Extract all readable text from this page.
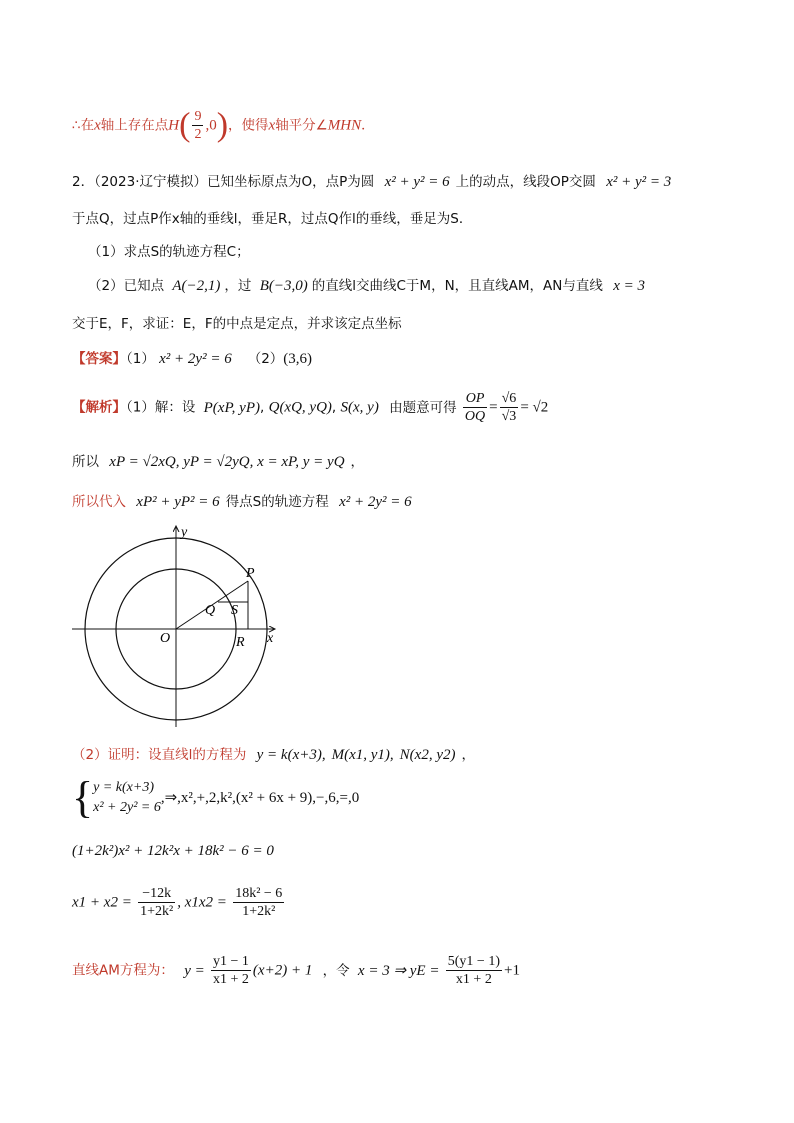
∴在x轴上存在点$H( \frac{9}{2} ,0)$，使得x轴平分∠MHN．
2．（2023·辽宁模拟）已知坐标原点为O，点P为圆 x² + y² = 6 上的动点，线段OP交圆 x² + y² = 3
于点Q，过点P作x轴的垂线l，垂足R，过点Q作l的垂线，垂足为S．
（1）求点S的轨迹方程C；
（2）已知点 A(−2,1) ，过 B(−3,0) 的直线l交曲线C于M，N，且直线AM，AN与直线 x = 3
交于E，F，求证：E，F的中点是定点，并求该定点坐标
【答案】（1） x² + 2y² = 6 （2）(3,6)
【解析】（1）解：设 P(xP, yP), Q(xQ, yQ), S(x, y) 由题意可得 $\frac{OP}{OQ} = \frac{√6}{√3} = √2$
所以 xP = √2xQ, yP = √2yQ, x = xP, y = yQ ，
所以代入 xP² + yP² = 6 得点S的轨迹方程 x² + 2y² = 6
y
x
O
P
Q S
R
（2）证明：设直线l的方程为 y = k(x+3), M(x1, y1), N(x2, y2) ，
{ y = k(x+3)
x² + 2y² = 6
,⇒,x²,+,2,k²,(x² + 6x + 9),−,6,=,0
(1+2k²)x² + 12k²x + 18k² − 6 = 0
$x1 + x2 = \frac{-12k}{\text{1+2k²}}$ , $x1x2 = \frac{\text{18k² − 6}}{\text{1+2k²}}$
直线AM方程为： $y = \frac{y1 - 1}{x1 + 2} (x+2) + 1$ ，令 x = 3 ⇒ yE = $\frac{5(y1 - 1)}{x1 + 2} +1$
